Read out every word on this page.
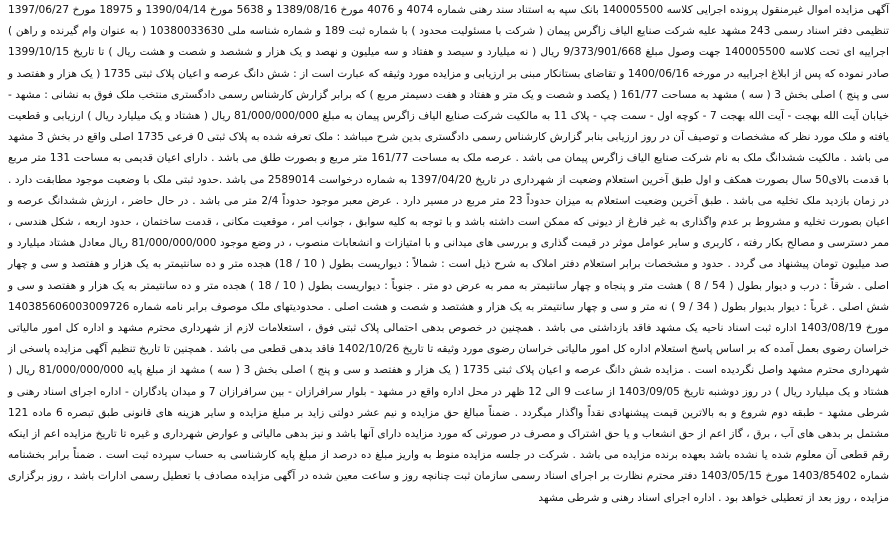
آگهی مزایده اموال غیرمنقول پرونده اجرایی کلاسه 140005500 بانک سپه به استناد سند رهنی شماره 4074 و 4076 مورخ 1389/08/16 و 5638 مورخ 1390/04/14 و 18975 مورخ 1397/06/27 تنظیمی دفتر اسناد رسمی 243 مشهد علیه شرکت صنایع الیاف زاگرس پیمان ( شرکت با مسئولیت محدود ) با شماره ثبت 189 و شماره شناسه ملی 10380033630 ( به عنوان وام گیرنده و راهن ) اجراییه ای تحت کلاسه 140005500 جهت وصول مبلغ 9/373/901/668 ریال ( نه میلیارد و سیصد و هفتاد و سه میلیون و نهصد و یک هزار و ششصد و شصت و هشت ریال ) تا تاریخ 1399/10/15 صادر نموده که پس از ابلاغ اجراییه در مورخه 1400/06/16 و تقاضای بستانکار مبنی بر ارزیابی و مزایده مورد وثیقه که عبارت است از : شش دانگ عرصه و اعیان پلاک ثبتی 1735 ( یک هزار و هفتصد و سی و پنج ) اصلی بخش 3 ( سه ) مشهد به مساحت 161/77 ( یکصد و شصت و یک متر و هفتاد و هفت دسیمتر مربع ) که برابر گزارش کارشناس رسمی دادگستری منتخب ملک فوق به نشانی : مشهد - خیابان آیت الله بهجت - آیت الله بهجت 7 - کوچه اول - سمت چپ - پلاک 11 به مالکیت شرکت صنایع الیاف زاگرس پیمان به مبلغ 81/000/000/000 ریال ( هشتاد و یک میلیارد ریال ) ارزیابی و قطعیت یافته و ملک مورد نظر که مشخصات و توصیف آن در روز ارزیابی بنابر گزارش کارشناس رسمی دادگستری بدین شرح میباشد : ملک تعرفه شده به پلاک ثبتی 0 فرعی 1735 اصلی واقع در بخش 3 مشهد می باشد . مالکیت ششدانگ ملک به نام شرکت صنایع الیاف زاگرس پیمان می باشد . عرصه ملک به مساحت 161/77 متر مربع و بصورت طلق می باشد . دارای اعیان قدیمی به مساحت 131 متر مربع با قدمت بالای50 سال بصورت همکف و اول طبق آخرین استعلام وضعیت از شهرداری در تاریخ 1397/04/20 به شماره درخواست 2589014 می باشد .حدود ثبتی ملک با وضعیت موجود مطابقت دارد . در زمان بازدید ملک تخلیه می باشد . طبق آخرین وضعیت استعلام به میزان حدوداً 23 متر مربع در مسیر دارد . عرض معبر موجود حدوداً 2/4 متر می باشد . در حال حاضر ، ارزش ششدانگ عرصه و اعیان بصورت تخلیه و مشروط بر عدم واگذاری به غیر فارغ از دیونی که ممکن است داشته باشد و با توجه به کلیه سوابق ، جوانب امر ، موقعیت مکانی ، قدمت ساختمان ، حدود اربعه ، شکل هندسی ، ممر دسترسی و مصالح بکار رفته ، کاربری و سایر عوامل موثر در قیمت گذاری و بررسی های میدانی و با امتیازات و انشعابات منصوب ، در وضع موجود 81/000/000/000 ریال معادل هشتاد میلیارد و صد میلیون تومان پیشنهاد می گردد . حدود و مشخصات برابر استعلام دفتر املاک به شرح ذیل است : شمالاً : دیواریست بطول ( 10 / 18) هجده متر و ده سانتیمتر به یک هزار و هفتصد و سی و چهار اصلی . شرقاً : درب و دیوار بطول ( 54 / 8 ) هشت متر و پنجاه و چهار سانتیمتر به ممر به عرض دو متر . جنوباً : دیواریست بطول ( 10 / 18 ) هجده متر و ده سانتیمتر به یک هزار و هفتصد و سی و شش اصلی . غرباً : دیوار بدیوار بطول ( 34 / 9 ) نه متر و سی و چهار سانتیمتر به یک هزار و هشتصد و شصت و هشت اصلی . محدودیتهای ملک موصوف برابر نامه شماره 140385606003009726 مورخ 1403/08/19 اداره ثبت اسناد ناحیه یک مشهد فاقد بازداشتی می باشد . همچنین در خصوص بدهی احتمالی پلاک ثبتی فوق ، استعلامات لازم از شهرداری محترم مشهد و اداره کل امور مالیاتی خراسان رضوی بعمل آمده که بر اساس پاسخ استعلام اداره کل امور مالیاتی خراسان رضوی مورد وثیقه تا تاریخ 1402/10/26 فاقد بدهی قطعی می باشد . همچنین تا تاریخ تنظیم آگهی مزایده پاسخی از شهرداری محترم مشهد واصل نگردیده است . مزایده شش دانگ عرصه و اعیان پلاک ثبتی 1735 ( یک هزار و هفتصد و سی و پنج ) اصلی بخش 3 ( سه ) مشهد از مبلغ پایه 81/000/000/000 ریال ( هشتاد و یک میلیارد ریال ) در روز دوشنبه تاریخ 1403/09/05 از ساعت 9 الی 12 ظهر در محل اداره واقع در مشهد - بلوار سرافرازان - بین سرافرازان 7 و میدان یادگاران - اداره اجرای اسناد رهنی و شرطی مشهد - طبقه دوم شروع و به بالاترین قیمت پیشنهادی نقداً واگذار میگردد . ضمناً مبالغ حق مزایده و نیم عشر دولتی زاید بر مبلغ مزایده و سایر هزینه های قانونی طبق تبصره 6 ماده 121 مشتمل بر بدهی های آب ، برق ، گاز اعم از حق انشعاب و یا حق اشتراک و مصرف در صورتی که مورد مزایده دارای آنها باشد و نیز بدهی مالیاتی و عوارض شهرداری و غیره تا تاریخ مزایده اعم از اینکه رقم قطعی آن معلوم شده یا نشده باشد بعهده برنده مزایده می باشد . شرکت در جلسه مزایده منوط به واریز مبلغ ده درصد از مبلغ پایه کارشناسی به حساب سپرده ثبت است . ضمناً برابر بخشنامه شماره 1403/85402 مورخ 1403/05/15 دفتر محترم نظارت بر اجرای اسناد رسمی سازمان ثبت چنانچه روز و ساعت معین شده در آگهی مزایده مصادف با تعطیل رسمی ادارات باشد ، روز برگزاری مزایده ، روز بعد از تعطیلی خواهد بود . اداره اجرای اسناد رهنی و شرطی مشهد
